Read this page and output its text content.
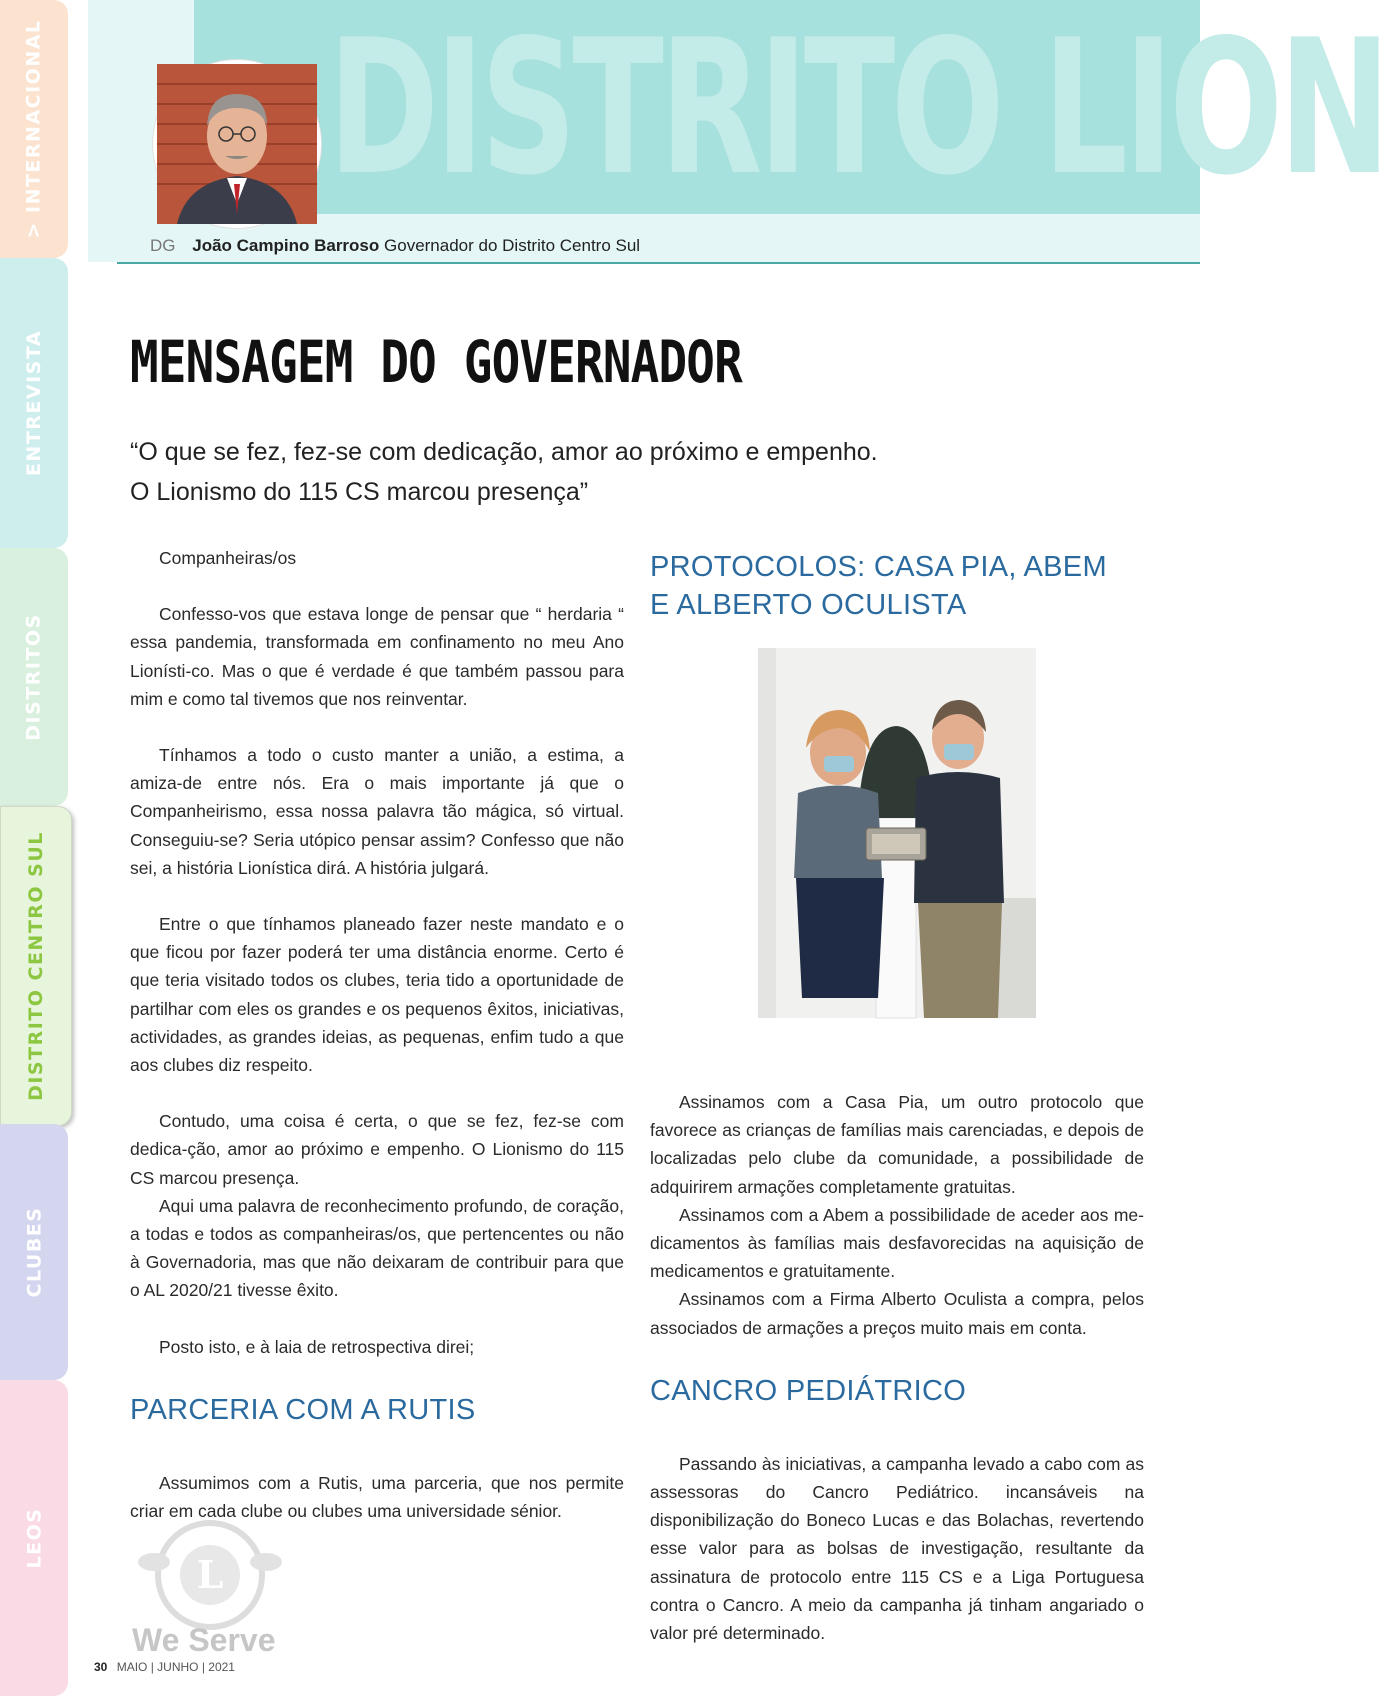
> INTERNACIONAL
ENTREVISTA
DISTRITOS
DISTRITO CENTRO SUL
CLUBES
LEOS
DISTRITO LION
DG João Campino Barroso Governador do Distrito Centro Sul
MENSAGEM DO GOVERNADOR
“O que se fez, fez-se com dedicação, amor ao próximo e empenho.
O Lionismo do 115 CS marcou presença”

Companheiras/os

Confesso-vos que estava longe de pensar que “ herdaria “ essa pandemia, transformada em confinamento no meu Ano Lionísti-co. Mas o que é verdade é que também passou para mim e como tal tivemos que nos reinventar.

Tínhamos a todo o custo manter a união, a estima, a amiza-de entre nós. Era o mais importante já que o Companheirismo, essa nossa palavra tão mágica, só virtual. Conseguiu-se? Seria utópico pensar assim? Confesso que não sei, a história Lionística dirá. A história julgará.

Entre o que tínhamos planeado fazer neste mandato e o que ficou por fazer poderá ter uma distância enorme. Certo é que teria visitado todos os clubes, teria tido a oportunidade de partilhar com eles os grandes e os pequenos êxitos, iniciativas, actividades, as grandes ideias, as pequenas, enfim tudo a que aos clubes diz respeito.

Contudo, uma coisa é certa, o que se fez, fez-se com dedica-ção, amor ao próximo e empenho. O Lionismo do 115 CS marcou presença.

Aqui uma palavra de reconhecimento profundo, de coração, a todas e todos as companheiras/os, que pertencentes ou não à Governadoria, mas que não deixaram de contribuir para que o AL 2020/21 tivesse êxito.

Posto isto, e à laia de retrospectiva direi;

PARCERIA COM A RUTIS

Assumimos com a Rutis, uma parceria, que nos permite criar em cada clube ou clubes uma universidade sénior.

PROTOCOLOS: CASA PIA, ABEM
E ALBERTO OCULISTA

Assinamos com a Casa Pia, um outro protocolo que favorece as crianças de famílias mais carenciadas, e depois de localizadas pelo clube da comunidade, a possibilidade de adquirirem armações completamente gratuitas.

Assinamos com a Abem a possibilidade de aceder aos me-dicamentos às famílias mais desfavorecidas na aquisição de medicamentos e gratuitamente.

Assinamos com a Firma Alberto Oculista a compra, pelos associados de armações a preços muito mais em conta.

CANCRO PEDIÁTRICO

Passando às iniciativas, a campanha levado a cabo com as assessoras do Cancro Pediátrico. incansáveis na disponibilização do Boneco Lucas e das Bolachas, revertendo esse valor para as bolsas de investigação, resultante da assinatura de protocolo entre 115 CS e a Liga Portuguesa contra o Cancro. A meio da campanha já tinham angariado o valor pré determinado.

L
We Serve
30 MAIO | JUNHO | 2021
